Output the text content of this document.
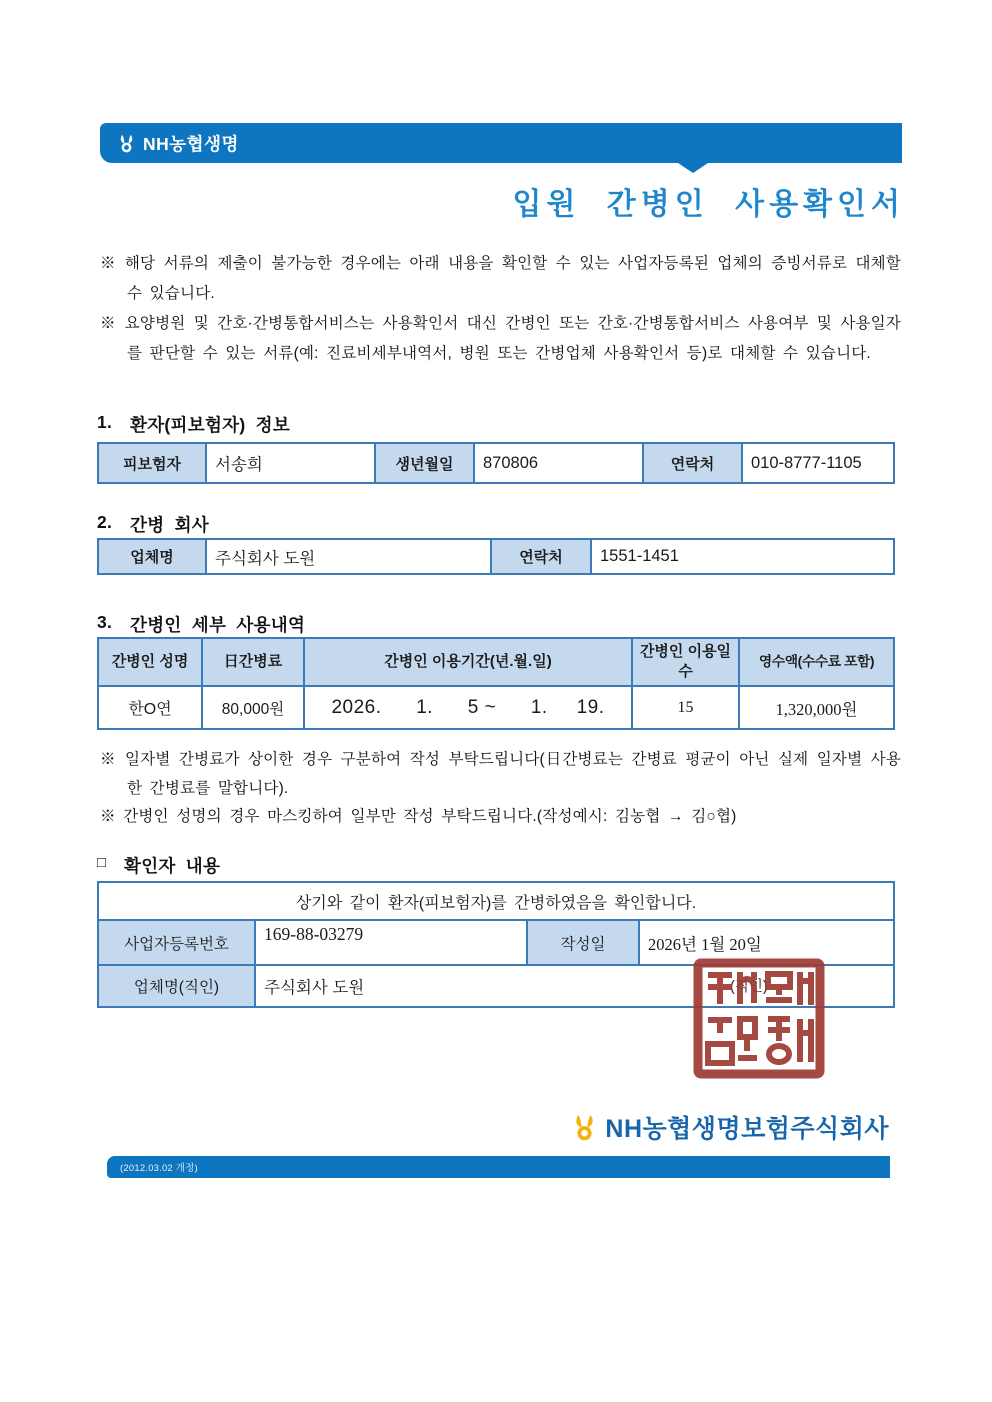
NH농협생명
입원 간병인 사용확인서

※ 해당 서류의 제출이 불가능한 경우에는 아래 내용을 확인할 수 있는 사업자등록된 업체의 증빙서류로 대체할 수 있습니다.

※ 요양병원 및 간호·간병통합서비스는 사용확인서 대신 간병인 또는 간호·간병통합서비스 사용여부 및 사용일자를 판단할 수 있는 서류(예: 진료비세부내역서, 병원 또는 간병업체 사용확인서 등)로 대체할 수 있습니다.

1.	환자(피보험자) 정보
피보험자	서송희	생년월일	870806	연락처	010-8777-1105
2.	간병 회사
업체명	주식회사 도원	연락처	1551-1451
3.	간병인 세부 사용내역
간병인 성명	日간병료	간병인 이용기간(년.월.일)	간병인 이용일수	영수액(수수료 포함)
한O연	80,000원	2026.      1.      5 ~      1.     19.	15	1,320,000원

※ 일자별 간병료가 상이한 경우 구분하여 작성 부탁드립니다(日간병료는 간병료 평균이 아닌 실제 일자별 사용한 간병료를 말합니다).

※ 간병인 성명의 경우 마스킹하여 일부만 작성 부탁드립니다.(작성예시: 김농협 → 김○협)

□	확인자 내용
상기와 같이 환자(피보험자)를 간병하였음을 확인합니다.			
사업자등록번호	169-88-03279	작성일	2026년 1월 20일
업체명(직인)	주식회사 도원			(직인)
NH농협생명보험주식회사
(2012.03.02 개정)
